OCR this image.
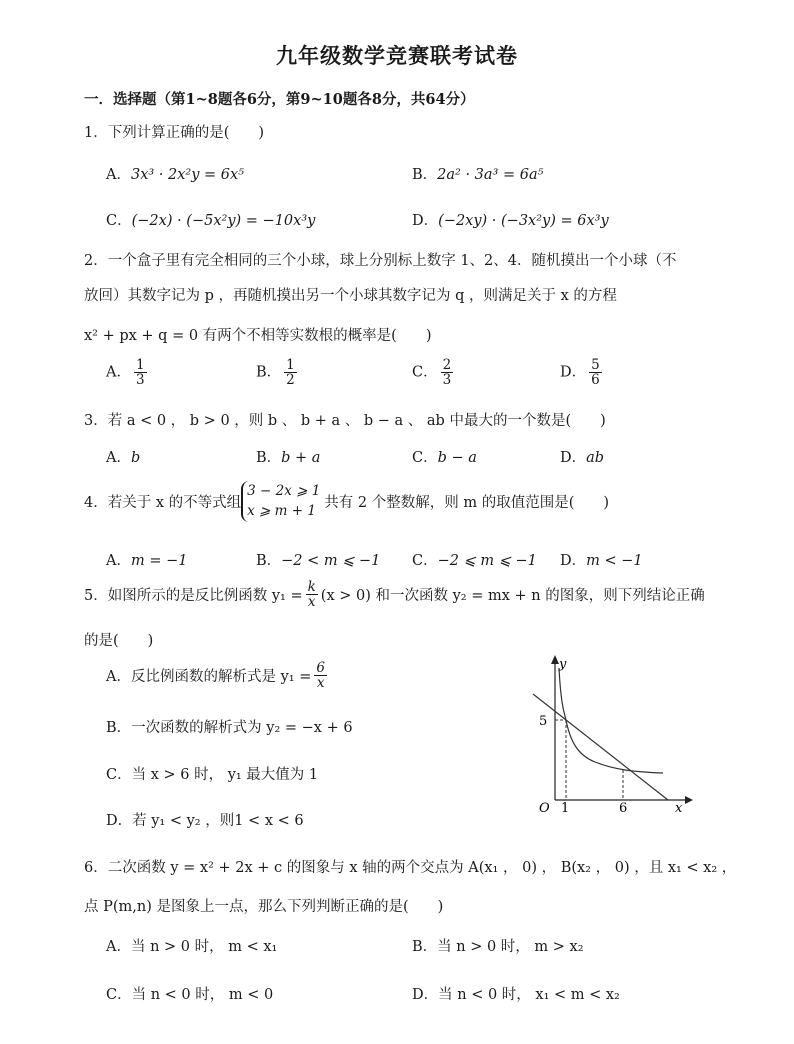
九年级数学竞赛联考试卷
一．选择题（第1~8题各6分，第9~10题各8分，共64分）
1．下列计算正确的是(　　)
A．3x³ · 2x²y = 6x⁵	B．2a² · 3a³ = 6a⁵
C．(−2x) · (−5x²y) = −10x³y	D．(−2xy) · (−3x²y) = 6x³y
2．一个盒子里有完全相同的三个小球，球上分别标上数字 1、2、4．随机摸出一个小球（不
放回）其数字记为 p ，再随机摸出另一个小球其数字记为 q ，则满足关于 x 的方程
x² + px + q = 0 有两个不相等实数根的概率是(　　)
A． $\frac{1}{3}$	B． $\frac{1}{2}$	C． $\frac{2}{3}$	D． $\frac{5}{6}$
3．若 a < 0 ， b > 0 ，则 b 、 b + a 、 b − a 、 ab 中最大的一个数是(　　)
A．b	B．b + a	C．b − a	D．ab
4．若关于 x 的不等式组
3 − 2x ⩾ 1
x ⩾ m + 1
共有 2 个整数解，则 m 的取值范围是(　　)
A．m = −1	B．−2 < m ⩽ −1 C．−2 ⩽ m ⩽ −1 D．m < −1
5．如图所示的是反比例函数 $y_1 = \frac{k}{x} (x > 0)$ 和一次函数 y₂ = mx + n 的图象，则下列结论正确
的是(　　)
A．反比例函数的解析式是 $y_1 = \frac{6}{x}$
B．一次函数的解析式为 y₂ = −x + 6
C．当 x > 6 时， y₁ 最大值为 1
D．若 y₁ < y₂ ，则1 < x < 6
y
x
O
5
1	6
6．二次函数 y = x² + 2x + c 的图象与 x 轴的两个交点为 A(x₁ ， 0) ， B(x₂ ， 0) ，且 x₁ < x₂ ，
点 P(m,n) 是图象上一点，那么下列判断正确的是(　　)
A．当 n > 0 时， m < x₁	B．当 n > 0 时， m > x₂
C．当 n < 0 时， m < 0	D．当 n < 0 时， x₁ < m < x₂
